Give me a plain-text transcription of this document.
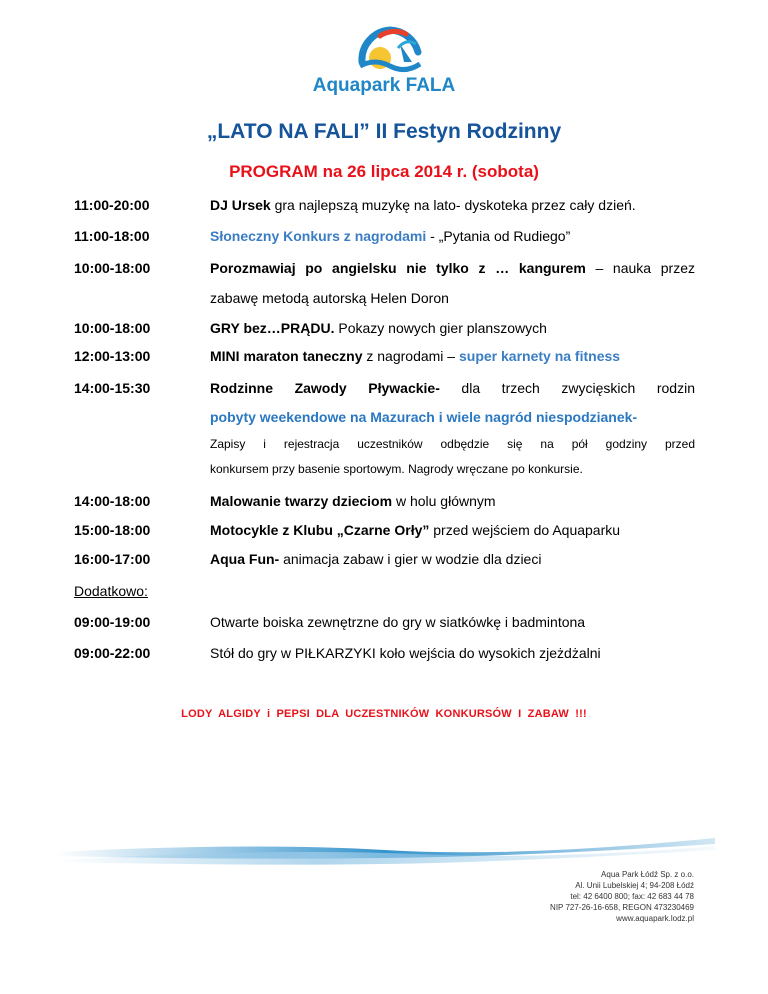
Aquapark FALA
„LATO NA FALI” II Festyn Rodzinny
PROGRAM na 26 lipca 2014 r. (sobota)
11:00-20:00	DJ Ursek gra najlepszą muzykę na lato- dyskoteka przez cały dzień.
11:00-18:00	Słoneczny Konkurs z nagrodami - „Pytania od Rudiego”
10:00-18:00	Porozmawiaj po angielsku nie tylko z … kangurem – nauka przez
zabawę metodą autorską Helen Doron
10:00-18:00	GRY bez…PRĄDU. Pokazy nowych gier planszowych
12:00-13:00	MINI maraton taneczny z nagrodami – super karnety na fitness
14:00-15:30	Rodzinne Zawody Pływackie- dla trzech zwycięskich rodzin
pobyty weekendowe na Mazurach i wiele nagród niespodzianek-
Zapisy i rejestracja uczestników odbędzie się na pół godziny przed
konkursem przy basenie sportowym. Nagrody wręczane po konkursie.
14:00-18:00	Malowanie twarzy dzieciom w holu głównym
15:00-18:00	Motocykle z Klubu „Czarne Orły” przed wejściem do Aquaparku
16:00-17:00	Aqua Fun- animacja zabaw i gier w wodzie dla dzieci
Dodatkowo:
09:00-19:00	Otwarte boiska zewnętrzne do gry w siatkówkę i badmintona
09:00-22:00	Stół do gry w PIŁKARZYKI koło wejścia do wysokich zjeżdżalni
LODY ALGIDY i PEPSI DLA UCZESTNIKÓW KONKURSÓW I ZABAW !!!
Aqua Park Łódź Sp. z o.o.
Al. Unii Lubelskiej 4; 94-208 Łódź
tel: 42 6400 800; fax: 42 683 44 78
NIP 727-26-16-658, REGON 473230469
www.aquapark.lodz.pl
